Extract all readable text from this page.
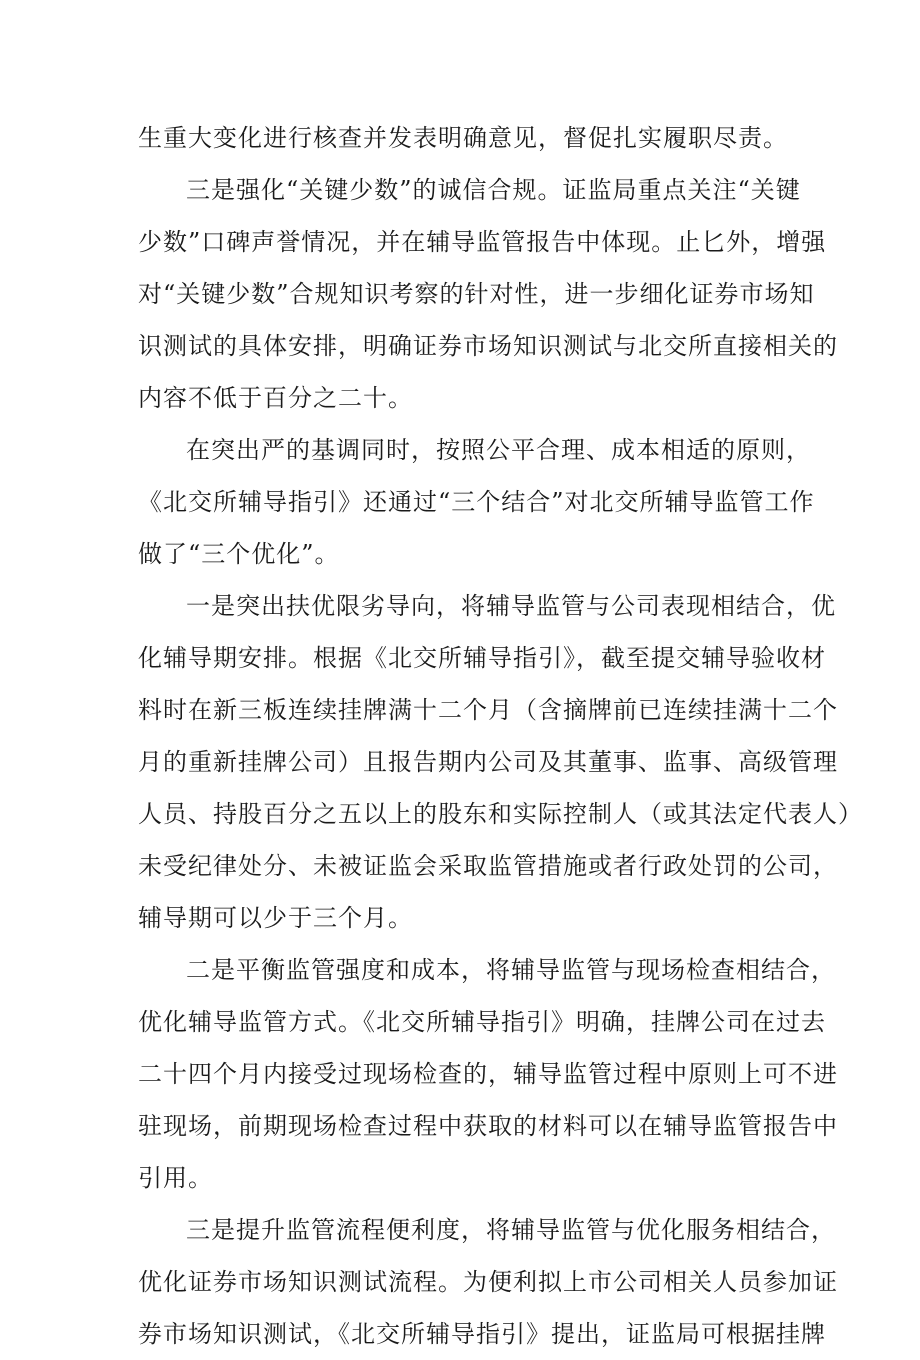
生重大变化进行核查并发表明确意见，督促扎实履职尽责。
三是强化“关键少数”的诚信合规。证监局重点关注“关键
少数”口碑声誉情况，并在辅导监管报告中体现。止匕外，增强
对“关键少数”合规知识考察的针对性，进一步细化证券市场知
识测试的具体安排，明确证券市场知识测试与北交所直接相关的
内容不低于百分之二十。
在突出严的基调同时，按照公平合理、成本相适的原则，
《北交所辅导指引》还通过“三个结合”对北交所辅导监管工作
做了“三个优化”。
一是突出扶优限劣导向，将辅导监管与公司表现相结合，优
化辅导期安排。根据《北交所辅导指引》，截至提交辅导验收材
料时在新三板连续挂牌满十二个月（含摘牌前已连续挂满十二个
月的重新挂牌公司）且报告期内公司及其董事、监事、高级管理
人员、持股百分之五以上的股东和实际控制人（或其法定代表人）
未受纪律处分、未被证监会采取监管措施或者行政处罚的公司，
辅导期可以少于三个月。
二是平衡监管强度和成本，将辅导监管与现场检查相结合，
优化辅导监管方式。《北交所辅导指引》明确，挂牌公司在过去
二十四个月内接受过现场检查的，辅导监管过程中原则上可不进
驻现场，前期现场检查过程中获取的材料可以在辅导监管报告中
引用。
三是提升监管流程便利度，将辅导监管与优化服务相结合，
优化证券市场知识测试流程。为便利拟上市公司相关人员参加证
券市场知识测试，《北交所辅导指引》提出，证监局可根据挂牌
